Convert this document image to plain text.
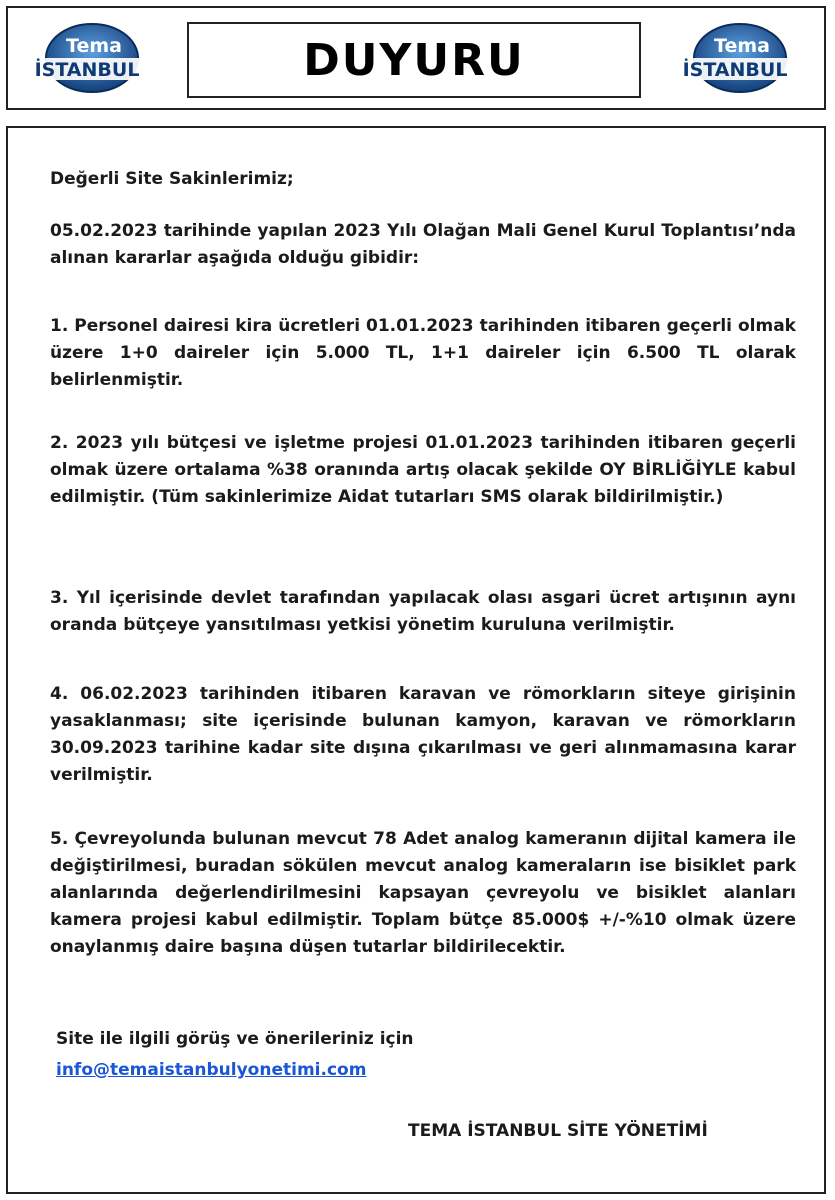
Tema
İSTANBUL	DUYURU	Tema
İSTANBUL

Değerli Site Sakinlerimiz;

05.02.2023 tarihinde yapılan 2023 Yılı Olağan Mali Genel Kurul Toplantısı’nda alınan kararlar aşağıda olduğu gibidir:

1. Personel dairesi kira ücretleri 01.01.2023 tarihinden itibaren geçerli olmak üzere 1+0 daireler için 5.000 TL, 1+1 daireler için 6.500 TL olarak belirlenmiştir.

2. 2023 yılı bütçesi ve işletme projesi 01.01.2023 tarihinden itibaren geçerli olmak üzere ortalama %38 oranında artış olacak şekilde OY BİRLİĞİYLE kabul edilmiştir. (Tüm sakinlerimize Aidat tutarları SMS olarak bildirilmiştir.)

3. Yıl içerisinde devlet tarafından yapılacak olası asgari ücret artışının aynı oranda bütçeye yansıtılması yetkisi yönetim kuruluna verilmiştir.

4. 06.02.2023 tarihinden itibaren karavan ve römorkların siteye girişinin yasaklanması; site içerisinde bulunan kamyon, karavan ve römorkların 30.09.2023 tarihine kadar site dışına çıkarılması ve geri alınmamasına karar verilmiştir.

5. Çevreyolunda bulunan mevcut 78 Adet analog kameranın dijital kamera ile değiştirilmesi, buradan sökülen mevcut analog kameraların ise bisiklet park alanlarında değerlendirilmesini kapsayan çevreyolu ve bisiklet alanları kamera projesi kabul edilmiştir. Toplam bütçe 85.000$ +/-%10 olmak üzere onaylanmış daire başına düşen tutarlar bildirilecektir.

Site ile ilgili görüş ve önerileriniz için

info@temaistanbulyonetimi.com

TEMA İSTANBUL SİTE YÖNETİMİ
